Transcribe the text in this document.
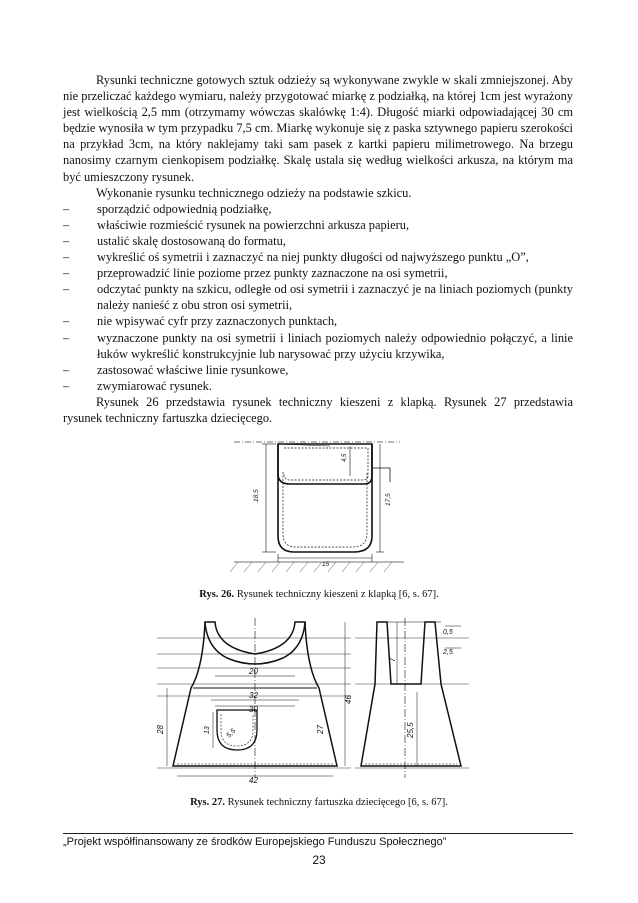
Rysunki techniczne gotowych sztuk odzieży są wykonywane zwykle w skali zmniejszonej. Aby nie przeliczać każdego wymiaru, należy przygotować miarkę z podziałką, na której 1cm jest wyrażony jest wielkością 2,5 mm (otrzymamy wówczas skalówkę 1:4). Długość miarki odpowiadającej 30 cm będzie wynosiła w tym przypadku 7,5 cm. Miarkę wykonuje się z paska sztywnego papieru szerokości na przykład 3cm, na który naklejamy taki sam pasek z kartki papieru milimetrowego. Na brzegu nanosimy czarnym cienkopisem podziałkę. Skalę ustala się według wielkości arkusza, na którym ma być umieszczony rysunek.

Wykonanie rysunku technicznego odzieży na podstawie szkicu.

– sporządzić odpowiednią podziałkę,

– właściwie rozmieścić rysunek na powierzchni arkusza papieru,

– ustalić skalę dostosowaną do formatu,

– wykreślić oś symetrii i zaznaczyć na niej punkty długości od najwyższego punktu „O”,

– przeprowadzić linie poziome przez punkty zaznaczone na osi symetrii,

– odczytać punkty na szkicu, odległe od osi symetrii i zaznaczyć je na liniach poziomych (punkty należy nanieść z obu stron osi symetrii,

– nie wpisywać cyfr przy zaznaczonych punktach,

– wyznaczone punkty na osi symetrii i liniach poziomych należy odpowiednio połączyć, a linie łuków wykreślić konstrukcyjnie lub narysować przy użyciu krzywika,

– zastosować właściwe linie rysunkowe,

– zwymiarować rysunek.

Rysunek 26 przedstawia rysunek techniczny kieszeni z klapką. Rysunek 27 przedstawia rysunek techniczny fartuszka dziecięcego.

18,5	17,5
15
4,5
Rys. 26. Rysunek techniczny kieszeni z klapką [6, s. 67].
20
32
30
42
28	13 5,5	27
46
0,5
2,5
25,5
7
Rys. 27. Rysunek techniczny fartuszka dziecięcego [6, s. 67].
„Projekt współfinansowany ze środków Europejskiego Funduszu Społecznego”
23
